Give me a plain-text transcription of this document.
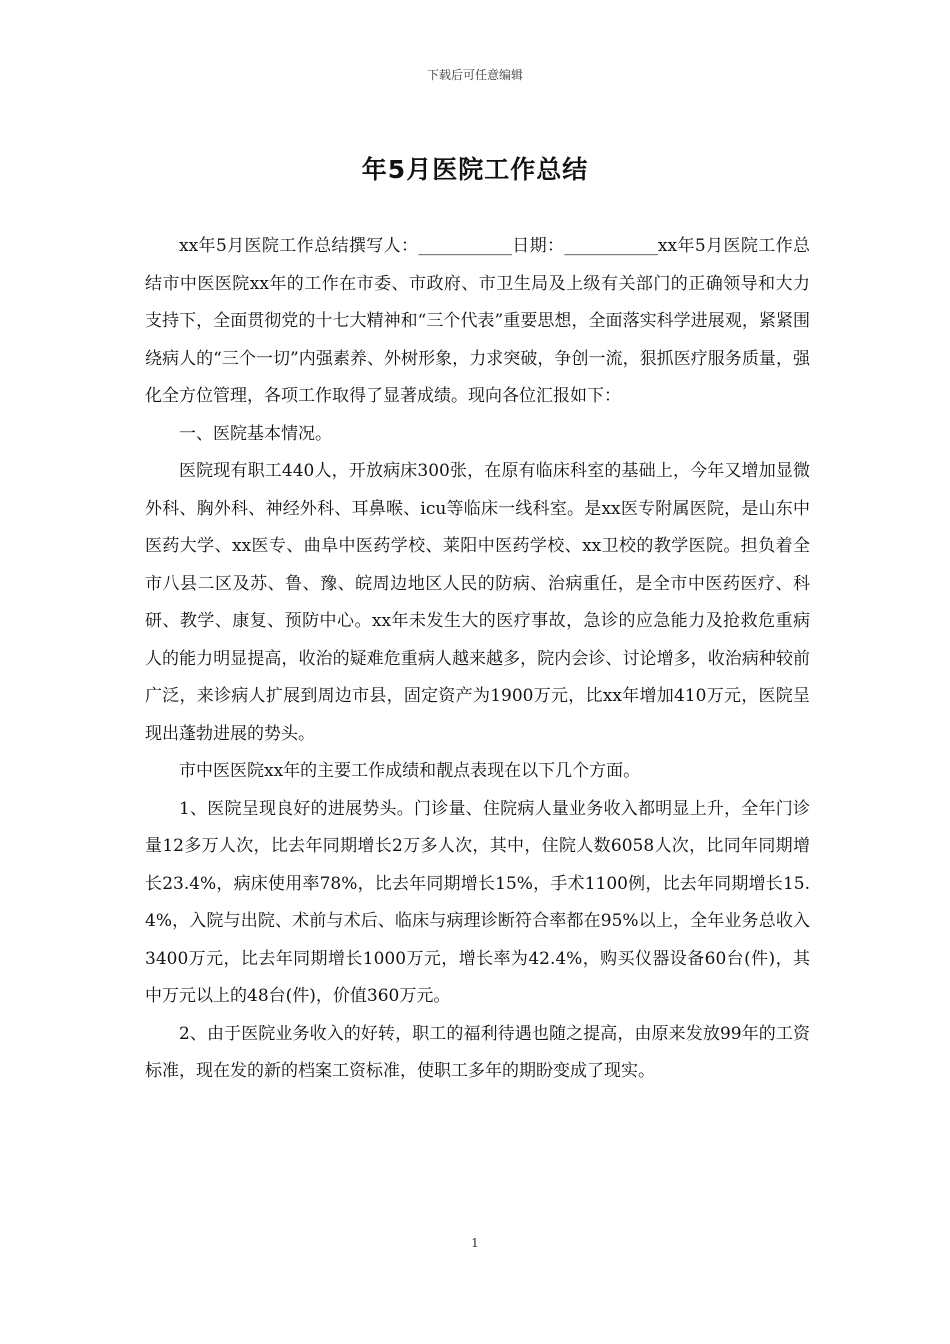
下载后可任意编辑
年5月医院工作总结

xx年5月医院工作总结撰写人：___________日期：___________xx年5月医院工作总结市中医医院xx年的工作在市委、市政府、市卫生局及上级有关部门的正确领导和大力支持下，全面贯彻党的十七大精神和“三个代表”重要思想，全面落实科学进展观，紧紧围绕病人的“三个一切”内强素养、外树形象，力求突破，争创一流，狠抓医疗服务质量，强化全方位管理，各项工作取得了显著成绩。现向各位汇报如下：

一、医院基本情况。

医院现有职工440人，开放病床300张，在原有临床科室的基础上，今年又增加显微外科、胸外科、神经外科、耳鼻喉、icu等临床一线科室。是xx医专附属医院，是山东中医药大学、xx医专、曲阜中医药学校、莱阳中医药学校、xx卫校的教学医院。担负着全市八县二区及苏、鲁、豫、皖周边地区人民的防病、治病重任，是全市中医药医疗、科研、教学、康复、预防中心。xx年未发生大的医疗事故，急诊的应急能力及抢救危重病人的能力明显提高，收治的疑难危重病人越来越多，院内会诊、讨论增多，收治病种较前广泛，来诊病人扩展到周边市县，固定资产为1900万元，比xx年增加410万元，医院呈现出蓬勃进展的势头。

市中医医院xx年的主要工作成绩和靓点表现在以下几个方面。

1、医院呈现良好的进展势头。门诊量、住院病人量业务收入都明显上升，全年门诊量12多万人次，比去年同期增长2万多人次，其中，住院人数6058人次，比同年同期增长23.4%，病床使用率78%，比去年同期增长15%，手术1100例，比去年同期增长15.4%，入院与出院、术前与术后、临床与病理诊断符合率都在95%以上，全年业务总收入3400万元，比去年同期增长1000万元，增长率为42.4%，购买仪器设备60台(件)，其中万元以上的48台(件)，价值360万元。

2、由于医院业务收入的好转，职工的福利待遇也随之提高，由原来发放99年的工资标准，现在发的新的档案工资标准，使职工多年的期盼变成了现实。

1
